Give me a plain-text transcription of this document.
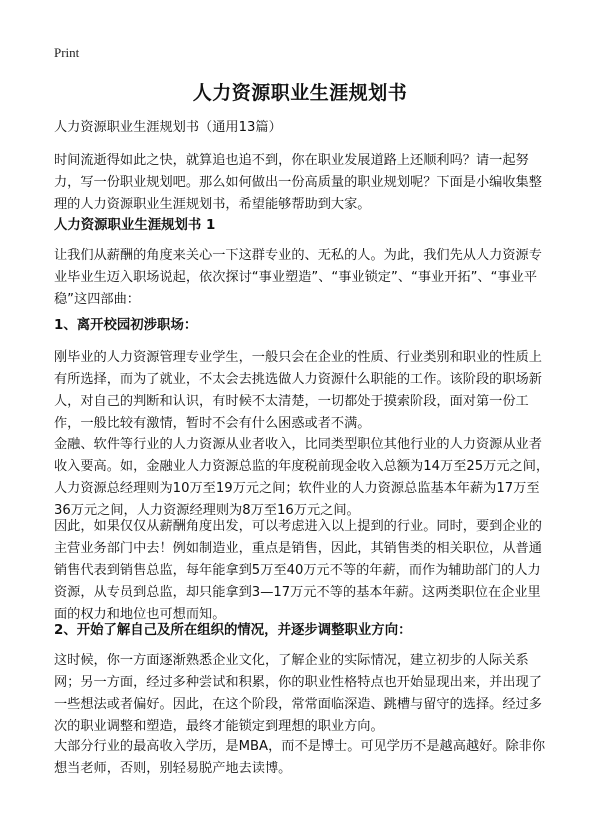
Print
人力资源职业生涯规划书

人力资源职业生涯规划书（通用13篇）

时间流逝得如此之快，就算追也追不到，你在职业发展道路上还顺利吗？请一起努力，写一份职业规划吧。那么如何做出一份高质量的职业规划呢？下面是小编收集整理的人力资源职业生涯规划书，希望能够帮助到大家。

人力资源职业生涯规划书 1

让我们从薪酬的角度来关心一下这群专业的、无私的人。为此，我们先从人力资源专业毕业生迈入职场说起，依次探讨“事业塑造”、“事业锁定”、“事业开拓”、“事业平稳”这四部曲：

1、离开校园初涉职场：

刚毕业的人力资源管理专业学生，一般只会在企业的性质、行业类别和职业的性质上有所选择，而为了就业，不太会去挑选做人力资源什么职能的工作。该阶段的职场新人，对自己的判断和认识，有时候不太清楚，一切都处于摸索阶段，面对第一份工作，一般比较有激情，暂时不会有什么困惑或者不满。

金融、软件等行业的人力资源从业者收入，比同类型职位其他行业的人力资源从业者收入要高。如，金融业人力资源总监的年度税前现金收入总额为14万至25万元之间，人力资源总经理则为10万至19万元之间；软件业的人力资源总监基本年薪为17万至36万元之间，人力资源经理则为8万至16万元之间。

因此，如果仅仅从薪酬角度出发，可以考虑进入以上提到的行业。同时，要到企业的主营业务部门中去！例如制造业，重点是销售，因此，其销售类的相关职位，从普通销售代表到销售总监，每年能拿到5万至40万元不等的年薪，而作为辅助部门的人力资源，从专员到总监，却只能拿到3—17万元不等的基本年薪。这两类职位在企业里面的权力和地位也可想而知。

2、开始了解自己及所在组织的情况，并逐步调整职业方向：

这时候，你一方面逐渐熟悉企业文化，了解企业的实际情况，建立初步的人际关系网；另一方面，经过多种尝试和积累，你的职业性格特点也开始显现出来，并出现了一些想法或者偏好。因此，在这个阶段，常常面临深造、跳槽与留守的选择。经过多次的职业调整和塑造，最终才能锁定到理想的职业方向。

大部分行业的最高收入学历，是MBA，而不是博士。可见学历不是越高越好。除非你想当老师，否则，别轻易脱产地去读博。
